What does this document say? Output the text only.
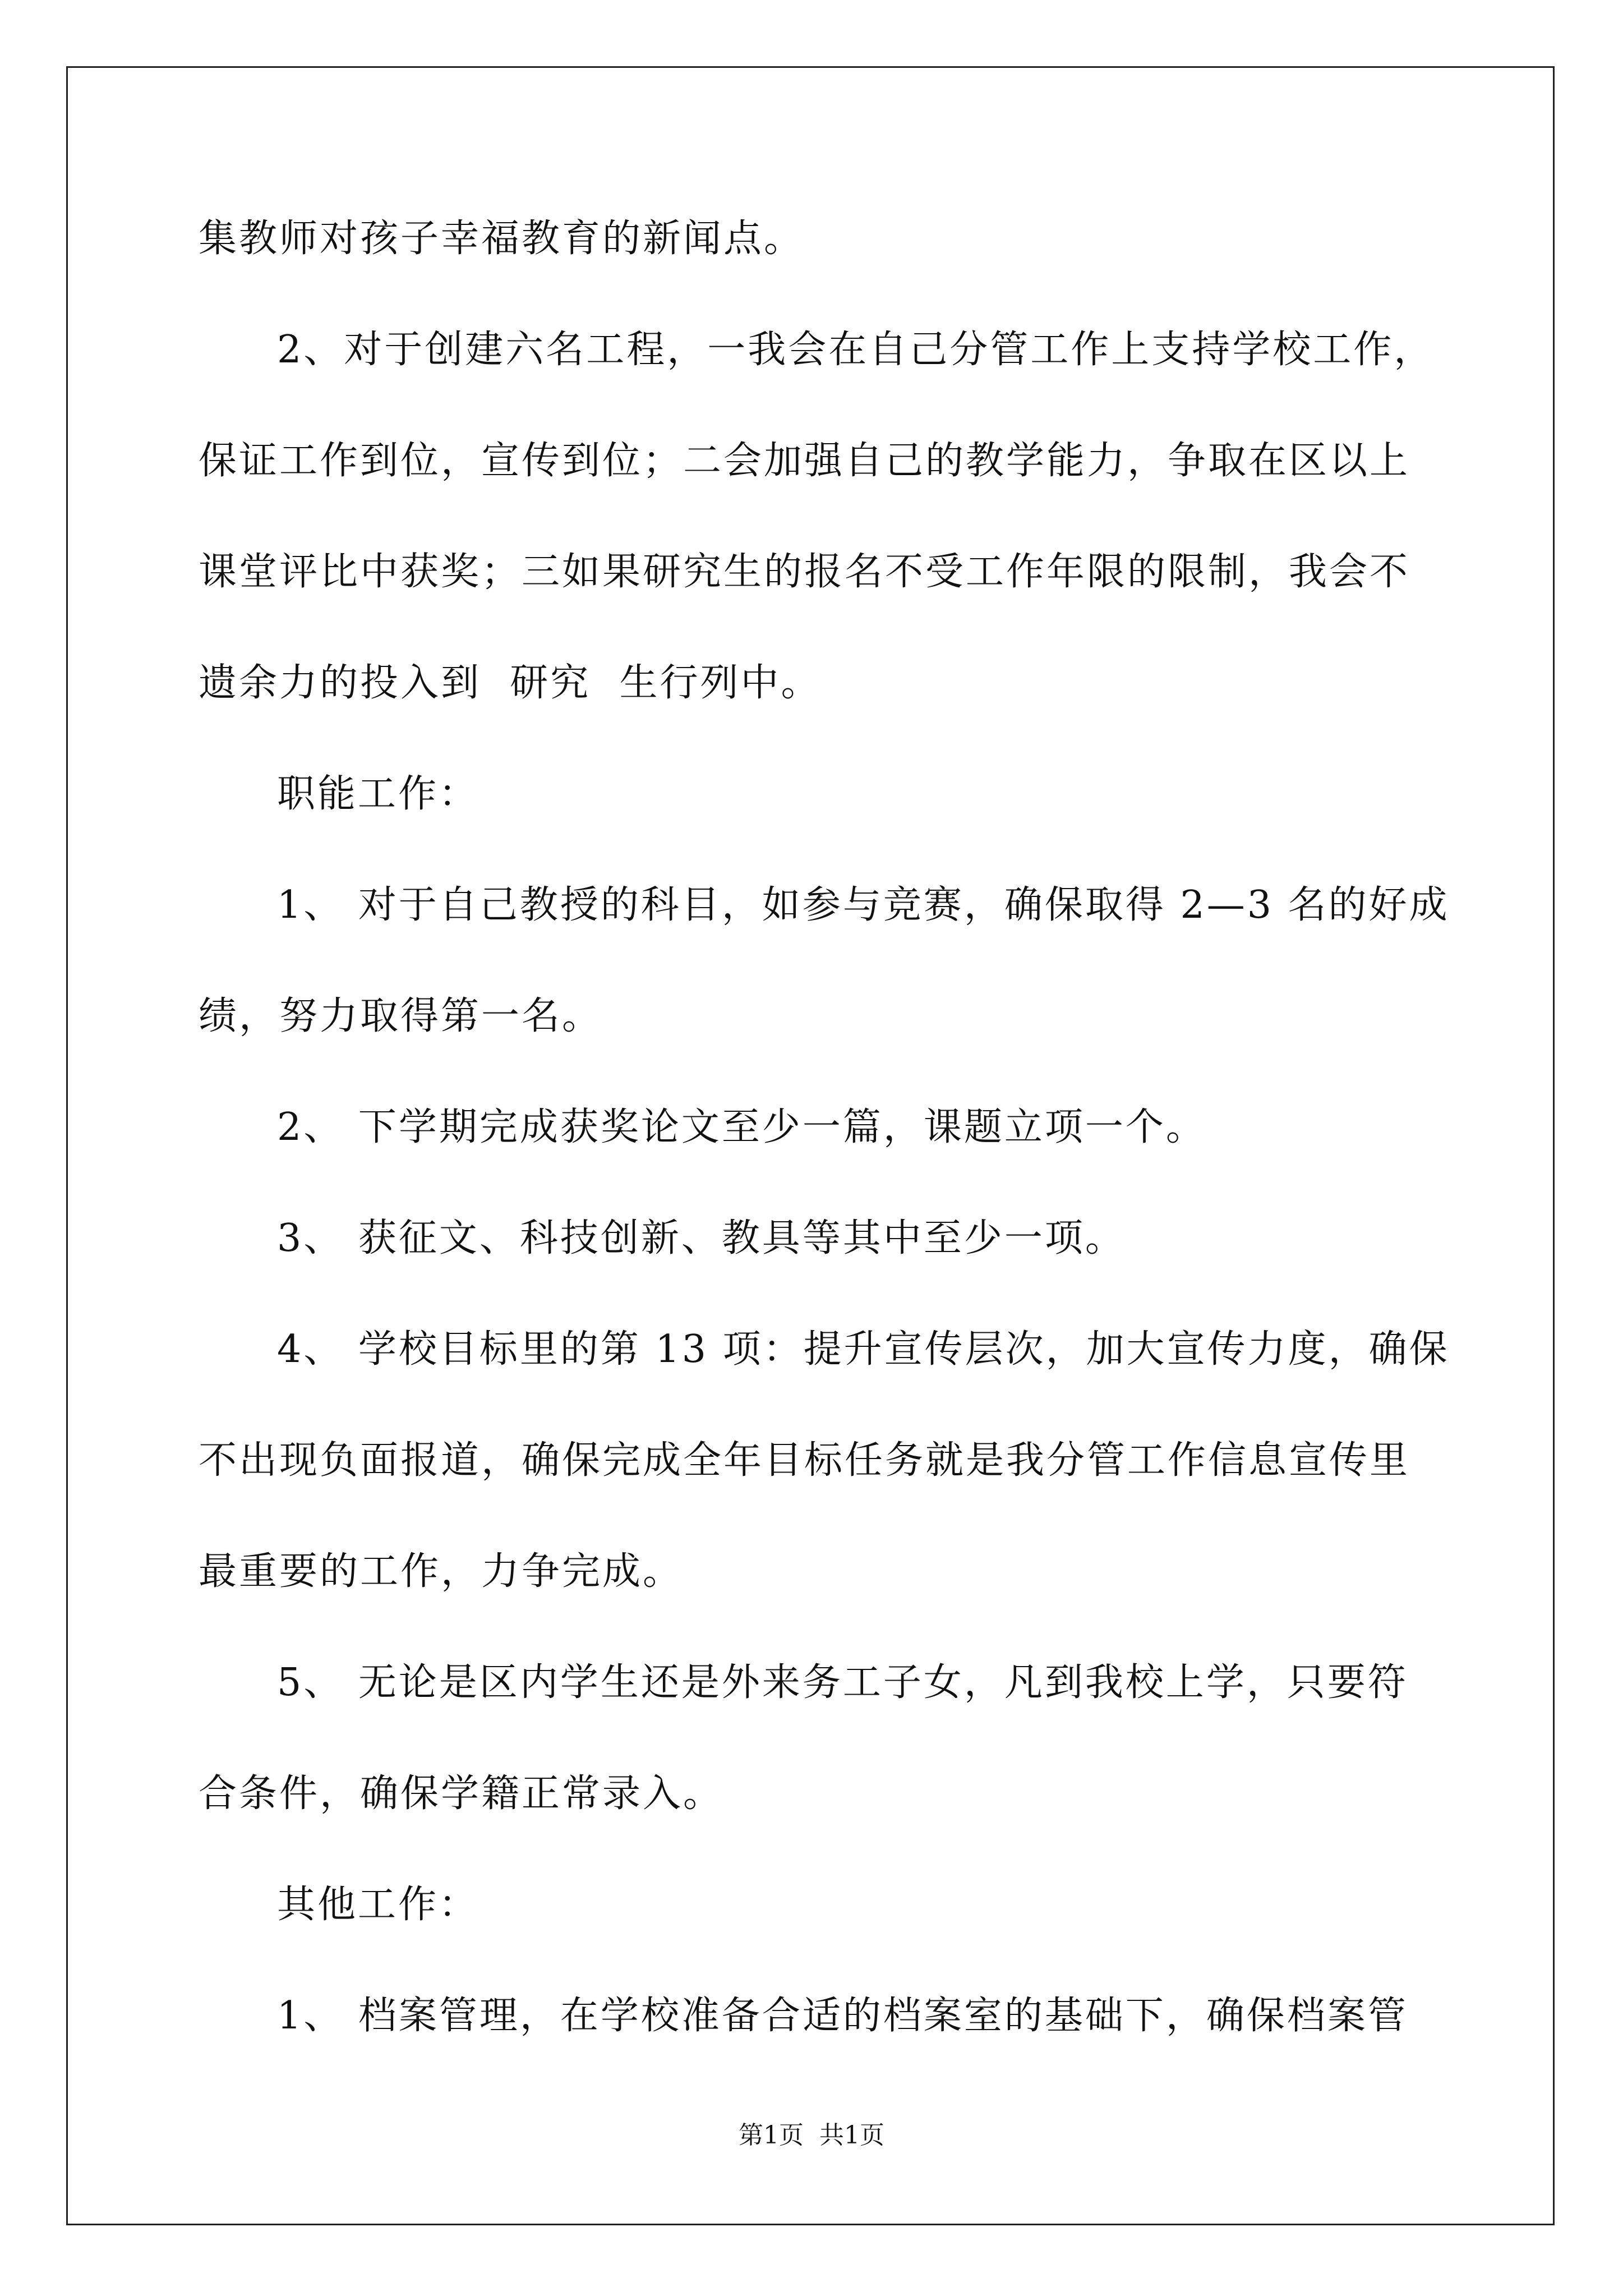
集教师对孩子幸福教育的新闻点。
2、对于创建六名工程，一我会在自己分管工作上支持学校工作，
保证工作到位，宣传到位；二会加强自己的教学能力，争取在区以上
课堂评比中获奖；三如果研究生的报名不受工作年限的限制，我会不
遗余力的投入到  研究  生行列中。
职能工作：
1、 对于自己教授的科目，如参与竞赛，确保取得 2—3 名的好成
绩，努力取得第一名。
2、 下学期完成获奖论文至少一篇，课题立项一个。
3、 获征文、科技创新、教具等其中至少一项。
4、 学校目标里的第 13 项：提升宣传层次，加大宣传力度，确保
不出现负面报道，确保完成全年目标任务就是我分管工作信息宣传里
最重要的工作，力争完成。
5、 无论是区内学生还是外来务工子女，凡到我校上学，只要符
合条件，确保学籍正常录入。
其他工作：
1、 档案管理，在学校准备合适的档案室的基础下，确保档案管
第1页  共1页
